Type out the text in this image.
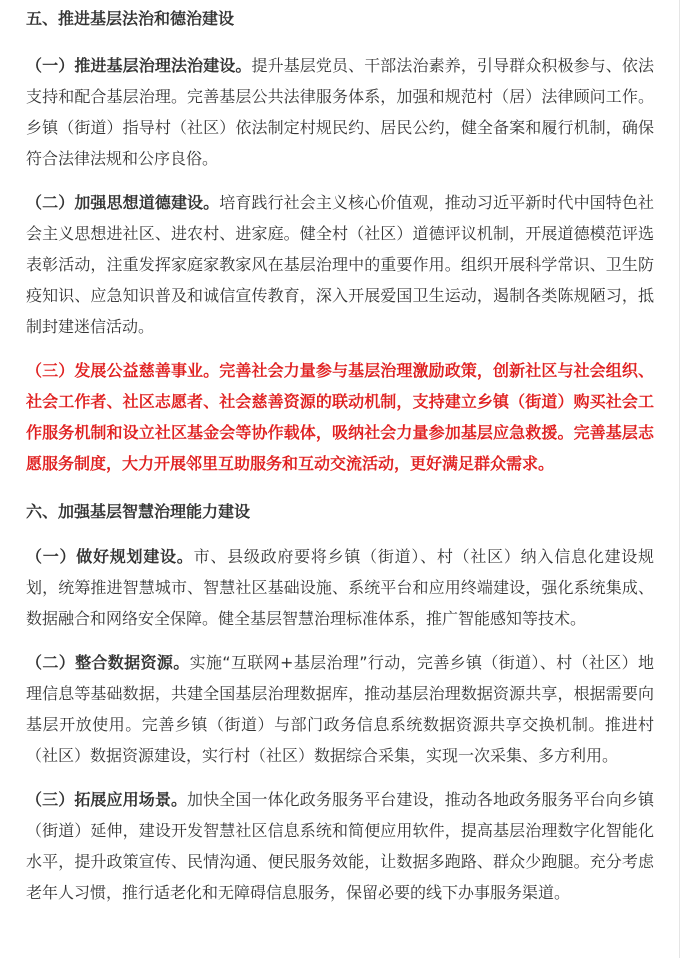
五、推进基层法治和德治建设

（一）推进基层治理法治建设。提升基层党员、干部法治素养，引导群众积极参与、依法支持和配合基层治理。完善基层公共法律服务体系，加强和规范村（居）法律顾问工作。乡镇（街道）指导村（社区）依法制定村规民约、居民公约，健全备案和履行机制，确保符合法律法规和公序良俗。

（二）加强思想道德建设。培育践行社会主义核心价值观，推动习近平新时代中国特色社会主义思想进社区、进农村、进家庭。健全村（社区）道德评议机制，开展道德模范评选表彰活动，注重发挥家庭家教家风在基层治理中的重要作用。组织开展科学常识、卫生防疫知识、应急知识普及和诚信宣传教育，深入开展爱国卫生运动，遏制各类陈规陋习，抵制封建迷信活动。

（三）发展公益慈善事业。完善社会力量参与基层治理激励政策，创新社区与社会组织、社会工作者、社区志愿者、社会慈善资源的联动机制，支持建立乡镇（街道）购买社会工作服务机制和设立社区基金会等协作载体，吸纳社会力量参加基层应急救援。完善基层志愿服务制度，大力开展邻里互助服务和互动交流活动，更好满足群众需求。

六、加强基层智慧治理能力建设

（一）做好规划建设。市、县级政府要将乡镇（街道）、村（社区）纳入信息化建设规划，统筹推进智慧城市、智慧社区基础设施、系统平台和应用终端建设，强化系统集成、数据融合和网络安全保障。健全基层智慧治理标准体系，推广智能感知等技术。

（二）整合数据资源。实施“互联网+基层治理”行动，完善乡镇（街道）、村（社区）地理信息等基础数据，共建全国基层治理数据库，推动基层治理数据资源共享，根据需要向基层开放使用。完善乡镇（街道）与部门政务信息系统数据资源共享交换机制。推进村（社区）数据资源建设，实行村（社区）数据综合采集，实现一次采集、多方利用。

（三）拓展应用场景。加快全国一体化政务服务平台建设，推动各地政务服务平台向乡镇（街道）延伸，建设开发智慧社区信息系统和简便应用软件，提高基层治理数字化智能化水平，提升政策宣传、民情沟通、便民服务效能，让数据多跑路、群众少跑腿。充分考虑老年人习惯，推行适老化和无障碍信息服务，保留必要的线下办事服务渠道。
